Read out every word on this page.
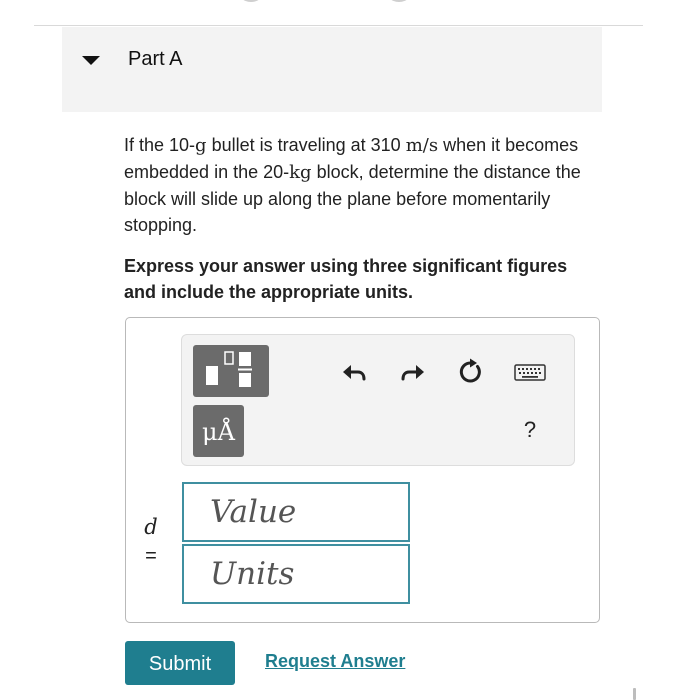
Part A
If the 10-g bullet is traveling at 310 m/s when it becomes embedded in the 20-kg block, determine the distance the block will slide up along the plane before momentarily stopping.
Express your answer using three significant figures and include the appropriate units.
μÅ	?
d
=
Value
Units
Submit	Request Answer
